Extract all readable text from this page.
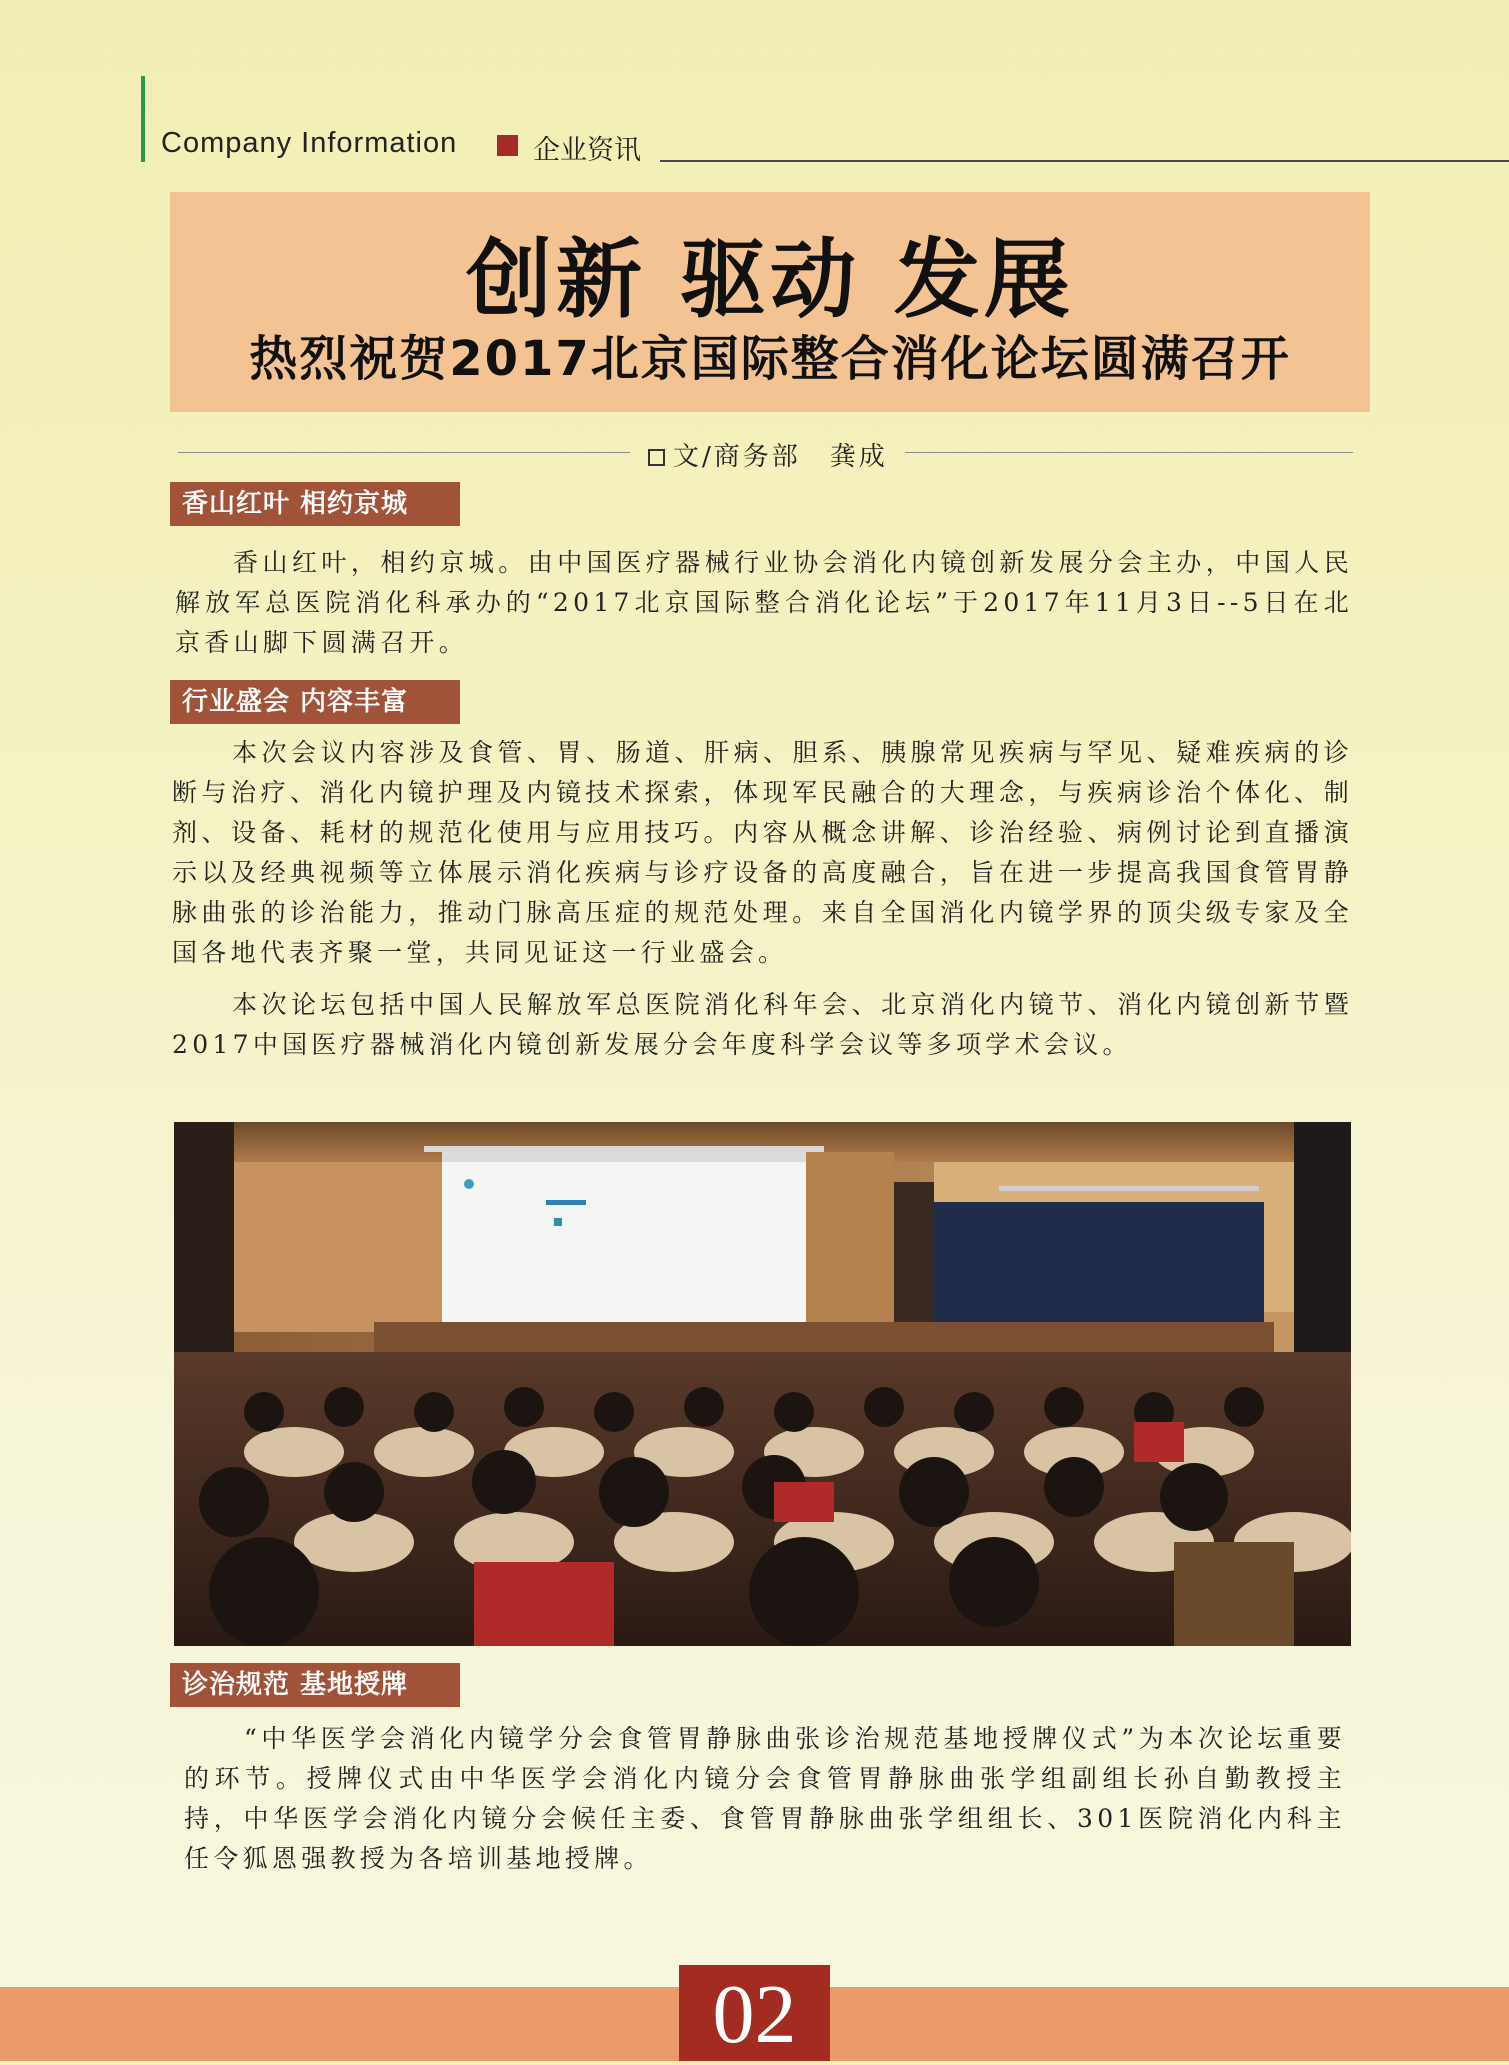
Company Information	企业资讯
创新 驱动 发展
热烈祝贺2017北京国际整合消化论坛圆满召开
文/商务部　龚成
香山红叶 相约京城
香山红叶，相约京城。由中国医疗器械行业协会消化内镜创新发展分会主办，中国人民解放军总医院消化科承办的“2017北京国际整合消化论坛”于2017年11月3日--5日在北京香山脚下圆满召开。
行业盛会 内容丰富
本次会议内容涉及食管、胃、肠道、肝病、胆系、胰腺常见疾病与罕见、疑难疾病的诊断与治疗、消化内镜护理及内镜技术探索，体现军民融合的大理念，与疾病诊治个体化、制剂、设备、耗材的规范化使用与应用技巧。内容从概念讲解、诊治经验、病例讨论到直播演示以及经典视频等立体展示消化疾病与诊疗设备的高度融合，旨在进一步提高我国食管胃静脉曲张的诊治能力，推动门脉高压症的规范处理。来自全国消化内镜学界的顶尖级专家及全国各地代表齐聚一堂，共同见证这一行业盛会。
本次论坛包括中国人民解放军总医院消化科年会、北京消化内镜节、消化内镜创新节暨2017中国医疗器械消化内镜创新发展分会年度科学会议等多项学术会议。
诊治规范 基地授牌
“中华医学会消化内镜学分会食管胃静脉曲张诊治规范基地授牌仪式”为本次论坛重要的环节。授牌仪式由中华医学会消化内镜分会食管胃静脉曲张学组副组长孙自勤教授主持，中华医学会消化内镜分会候任主委、食管胃静脉曲张学组组长、301医院消化内科主任令狐恩强教授为各培训基地授牌。
02
